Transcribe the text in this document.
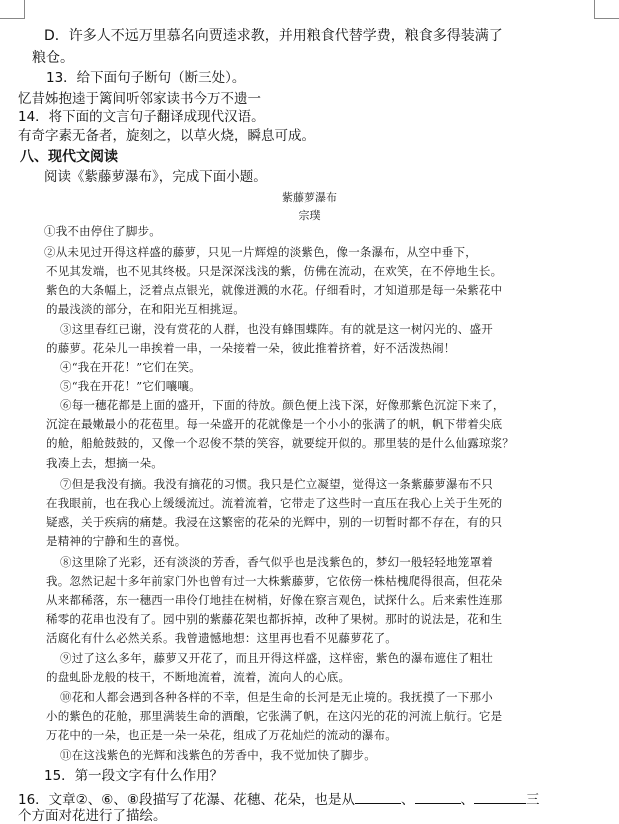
D．许多人不远万里慕名向贾逵求教，并用粮食代替学费，粮食多得装满了
粮仓。
13．给下面句子断句（断三处）。
忆昔姊抱逵于篱间听邻家读书今万不遗一
14．将下面的文言句子翻译成现代汉语。
有奇字素无备者，旋刻之，以草火烧，瞬息可成。
八、现代文阅读
阅读《紫藤萝瀑布》，完成下面小题。
紫藤萝瀑布
宗璞
①我不由停住了脚步。
②从未见过开得这样盛的藤萝，只见一片辉煌的淡紫色，像一条瀑布，从空中垂下，
不见其发端，也不见其终极。只是深深浅浅的紫，仿佛在流动，在欢笑，在不停地生长。
紫色的大条幅上，泛着点点银光，就像迸溅的水花。仔细看时，才知道那是每一朵紫花中
的最浅淡的部分，在和阳光互相挑逗。
③这里春红已谢，没有赏花的人群，也没有蜂围蝶阵。有的就是这一树闪光的、盛开
的藤萝。花朵儿一串挨着一串，一朵接着一朵，彼此推着挤着，好不活泼热闹！
④“我在开花！”它们在笑。
⑤“我在开花！”它们嚷嚷。
⑥每一穗花都是上面的盛开，下面的待放。颜色便上浅下深，好像那紫色沉淀下来了，
沉淀在最嫩最小的花苞里。每一朵盛开的花就像是一个小小的张满了的帆，帆下带着尖底
的舱，船舱鼓鼓的，又像一个忍俊不禁的笑容，就要绽开似的。那里装的是什么仙露琼浆？
我凑上去，想摘一朵。
⑦但是我没有摘。我没有摘花的习惯。我只是伫立凝望，觉得这一条紫藤萝瀑布不只
在我眼前，也在我心上缓缓流过。流着流着，它带走了这些时一直压在我心上关于生死的
疑惑，关于疾病的痛楚。我浸在这繁密的花朵的光辉中，别的一切暂时都不存在，有的只
是精神的宁静和生的喜悦。
⑧这里除了光彩，还有淡淡的芳香，香气似乎也是浅紫色的，梦幻一般轻轻地笼罩着
我。忽然记起十多年前家门外也曾有过一大株紫藤萝，它依傍一株枯槐爬得很高，但花朵
从来都稀落，东一穗西一串伶仃地挂在树梢，好像在察言观色，试探什么。后来索性连那
稀零的花串也没有了。园中别的紫藤花架也都拆掉，改种了果树。那时的说法是，花和生
活腐化有什么必然关系。我曾遗憾地想：这里再也看不见藤萝花了。
⑨过了这么多年，藤萝又开花了，而且开得这样盛，这样密，紫色的瀑布遮住了粗壮
的盘虬卧龙般的枝干，不断地流着，流着，流向人的心底。
⑩花和人都会遇到各种各样的不幸，但是生命的长河是无止境的。我抚摸了一下那小
小的紫色的花舱，那里满装生命的酒酿，它张满了帆，在这闪光的花的河流上航行。它是
万花中的一朵，也正是一朵一朵花，组成了万花灿烂的流动的瀑布。
⑪在这浅紫色的光辉和浅紫色的芳香中，我不觉加快了脚步。
15．第一段文字有什么作用？
16．文章②、⑥、⑧段描写了花瀑、花穗、花朵，也是从	、	、	三
个方面对花进行了描绘。
